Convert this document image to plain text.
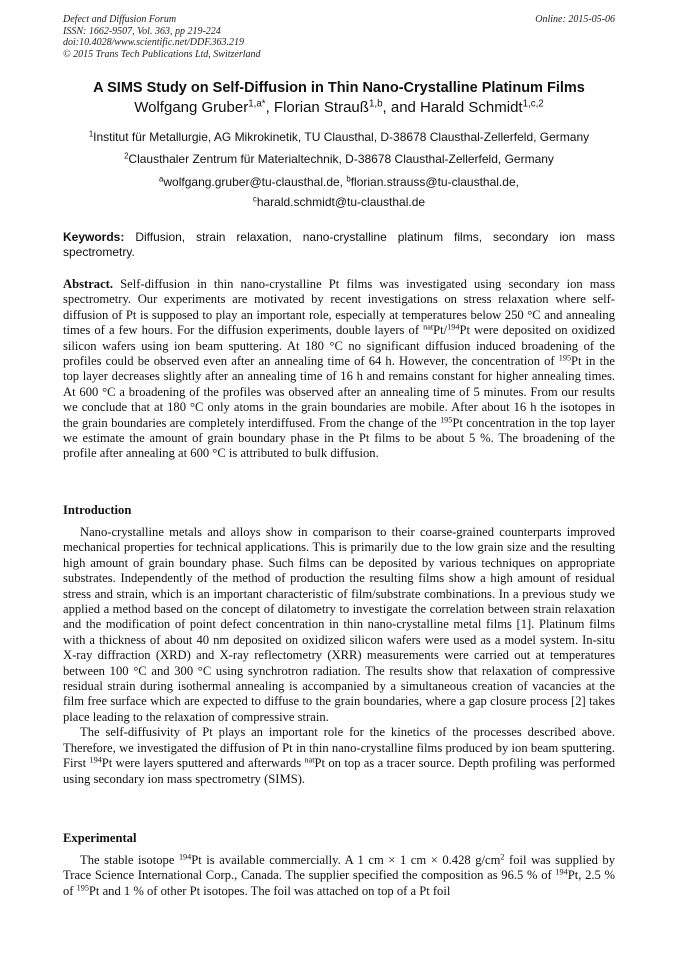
Defect and Diffusion Forum
ISSN: 1662-9507, Vol. 363, pp 219-224
doi:10.4028/www.scientific.net/DDF.363.219
© 2015 Trans Tech Publications Ltd, Switzerland
Online: 2015-05-06
A SIMS Study on Self-Diffusion in Thin Nano-Crystalline Platinum Films
Wolfgang Gruber$^{1,a*}$, Florian Strauß$^{1,b}$, and Harald Schmidt$^{1,c,2}$
$^1$Institut für Metallurgie, AG Mikrokinetik, TU Clausthal, D-38678 Clausthal-Zellerfeld, Germany
$^2$Clausthaler Zentrum für Materialtechnik, D-38678 Clausthal-Zellerfeld, Germany
$^a$wolfgang.gruber@tu-clausthal.de, $^b$florian.strauss@tu-clausthal.de,
$^c$harald.schmidt@tu-clausthal.de
Keywords: Diffusion, strain relaxation, nano-crystalline platinum films, secondary ion mass spectrometry.

Abstract. Self-diffusion in thin nano-crystalline Pt films was investigated using secondary ion mass spectrometry. Our experiments are motivated by recent investigations on stress relaxation where self-diffusion of Pt is supposed to play an important role, especially at temperatures below 250 °C and annealing times of a few hours. For the diffusion experiments, double layers of $^{nat}$Pt/$^{194}$Pt were deposited on oxidized silicon wafers using ion beam sputtering. At 180 °C no significant diffusion induced broadening of the profiles could be observed even after an annealing time of 64 h. However, the concentration of $^{195}$Pt in the top layer decreases slightly after an annealing time of 16 h and remains constant for higher annealing times. At 600 °C a broadening of the profiles was observed after an annealing time of 5 minutes. From our results we conclude that at 180 °C only atoms in the grain boundaries are mobile. After about 16 h the isotopes in the grain boundaries are completely interdiffused. From the change of the $^{195}$Pt concentration in the top layer we estimate the amount of grain boundary phase in the Pt films to be about 5 %. The broadening of the profile after annealing at 600 °C is attributed to bulk diffusion.

Introduction

Nano-crystalline metals and alloys show in comparison to their coarse-grained counterparts improved mechanical properties for technical applications. This is primarily due to the low grain size and the resulting high amount of grain boundary phase. Such films can be deposited by various techniques on appropriate substrates. Independently of the method of production the resulting films show a high amount of residual stress and strain, which is an important characteristic of film/substrate combinations. In a previous study we applied a method based on the concept of dilatometry to investigate the correlation between strain relaxation and the modification of point defect concentration in thin nano-crystalline metal films [1]. Platinum films with a thickness of about 40 nm deposited on oxidized silicon wafers were used as a model system. In-situ X-ray diffraction (XRD) and X-ray reflectometry (XRR) measurements were carried out at temperatures between 100 °C and 300 °C using synchrotron radiation. The results show that relaxation of compressive residual strain during isothermal annealing is accompanied by a simultaneous creation of vacancies at the film free surface which are expected to diffuse to the grain boundaries, where a gap closure process [2] takes place leading to the relaxation of compressive strain.

The self-diffusivity of Pt plays an important role for the kinetics of the processes described above. Therefore, we investigated the diffusion of Pt in thin nano-crystalline films produced by ion beam sputtering. First $^{194}$Pt were layers sputtered and afterwards $^{nat}$Pt on top as a tracer source. Depth profiling was performed using secondary ion mass spectrometry (SIMS).

Experimental

The stable isotope $^{194}$Pt is available commercially. A 1 cm × 1 cm × 0.428 $g/cm^2$ foil was supplied by Trace Science International Corp., Canada. The supplier specified the composition as 96.5 % of $^{194}$Pt, 2.5 % of $^{195}$Pt and 1 % of other Pt isotopes. The foil was attached on top of a Pt foil
